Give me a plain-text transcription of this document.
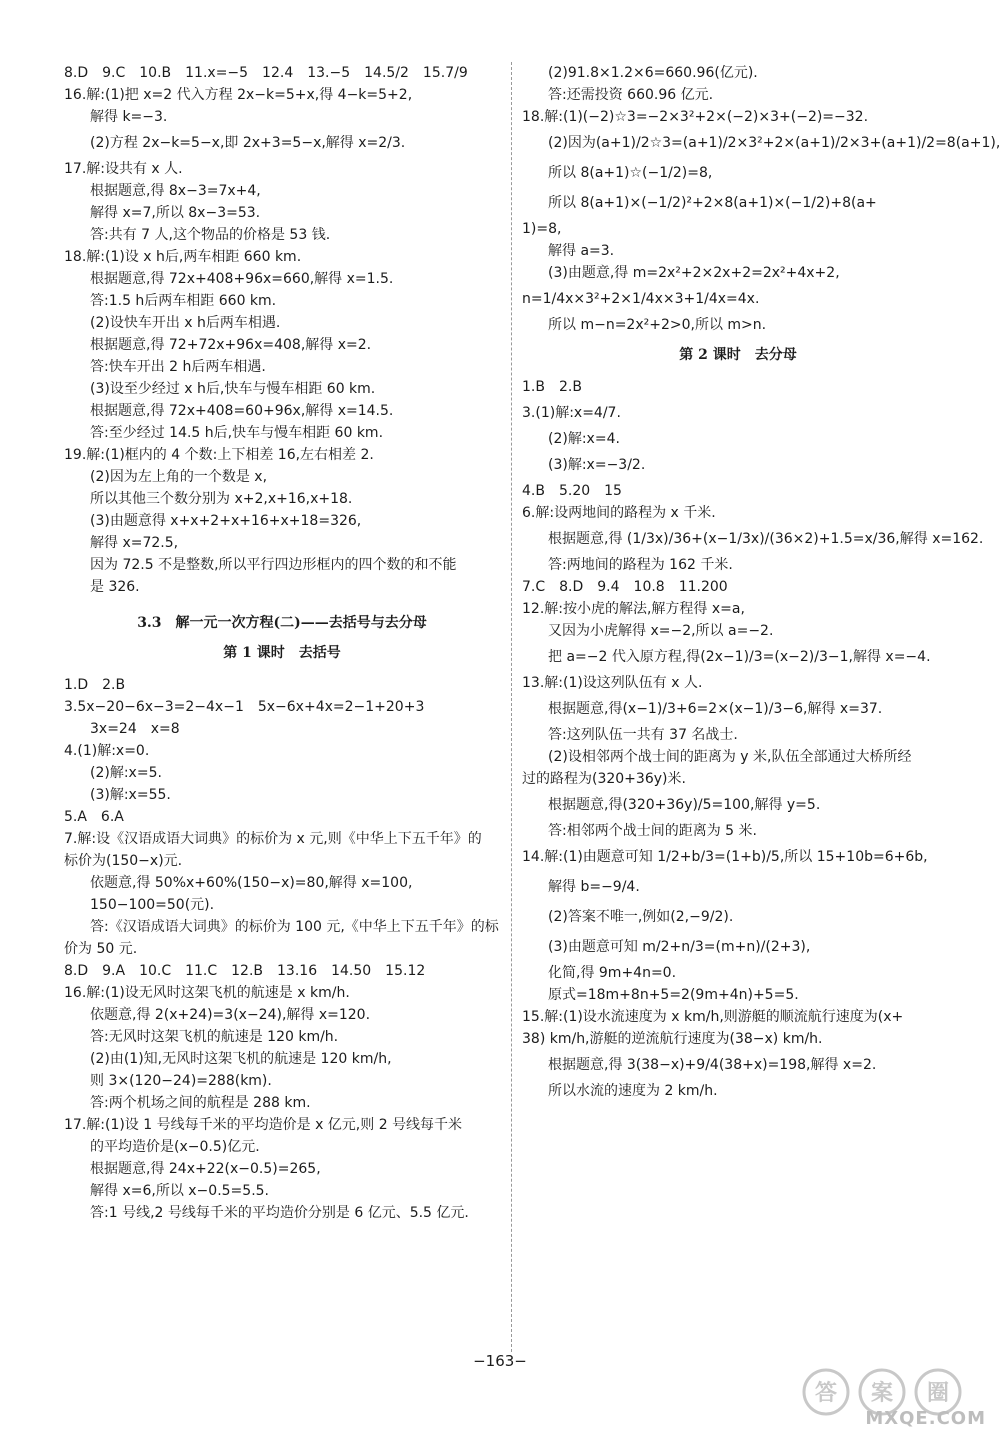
8.D　9.C　10.B　11.x=−5　12.4　13.−5　14.5/2　15.7/9
16.解:(1)把 x=2 代入方程 2x−k=5+x,得 4−k=5+2,
解得 k=−3.
(2)方程 2x−k=5−x,即 2x+3=5−x,解得 x=2/3.
17.解:设共有 x 人.
根据题意,得 8x−3=7x+4,
解得 x=7,所以 8x−3=53.
答:共有 7 人,这个物品的价格是 53 钱.
18.解:(1)设 x h后,两车相距 660 km.
根据题意,得 72x+408+96x=660,解得 x=1.5.
答:1.5 h后两车相距 660 km.
(2)设快车开出 x h后两车相遇.
根据题意,得 72+72x+96x=408,解得 x=2.
答:快车开出 2 h后两车相遇.
(3)设至少经过 x h后,快车与慢车相距 60 km.
根据题意,得 72x+408=60+96x,解得 x=14.5.
答:至少经过 14.5 h后,快车与慢车相距 60 km.
19.解:(1)框内的 4 个数:上下相差 16,左右相差 2.
(2)因为左上角的一个数是 x,
所以其他三个数分别为 x+2,x+16,x+18.
(3)由题意得 x+x+2+x+16+x+18=326,
解得 x=72.5,
因为 72.5 不是整数,所以平行四边形框内的四个数的和不能
是 326.
3.3　解一元一次方程(二)——去括号与去分母
第 1 课时　去括号
1.D　2.B
3.5x−20−6x−3=2−4x−1　5x−6x+4x=2−1+20+3
3x=24　x=8
4.(1)解:x=0.
(2)解:x=5.
(3)解:x=55.
5.A　6.A
7.解:设《汉语成语大词典》的标价为 x 元,则《中华上下五千年》的
标价为(150−x)元.
依题意,得 50%x+60%(150−x)=80,解得 x=100,
150−100=50(元).
答:《汉语成语大词典》的标价为 100 元,《中华上下五千年》的标
价为 50 元.
8.D　9.A　10.C　11.C　12.B　13.16　14.50　15.12
16.解:(1)设无风时这架飞机的航速是 x km/h.
依题意,得 2(x+24)=3(x−24),解得 x=120.
答:无风时这架飞机的航速是 120 km/h.
(2)由(1)知,无风时这架飞机的航速是 120 km/h,
则 3×(120−24)=288(km).
答:两个机场之间的航程是 288 km.
17.解:(1)设 1 号线每千米的平均造价是 x 亿元,则 2 号线每千米
的平均造价是(x−0.5)亿元.
根据题意,得 24x+22(x−0.5)=265,
解得 x=6,所以 x−0.5=5.5.
答:1 号线,2 号线每千米的平均造价分别是 6 亿元、5.5 亿元.
(2)91.8×1.2×6=660.96(亿元).
答:还需投资 660.96 亿元.
18.解:(1)(−2)☆3=−2×3²+2×(−2)×3+(−2)=−32.
(2)因为(a+1)/2☆3=(a+1)/2×3²+2×(a+1)/2×3+(a+1)/2=8(a+1),
所以 8(a+1)☆(−1/2)=8,
所以 8(a+1)×(−1/2)²+2×8(a+1)×(−1/2)+8(a+
1)=8,
解得 a=3.
(3)由题意,得 m=2x²+2×2x+2=2x²+4x+2,
n=1/4x×3²+2×1/4x×3+1/4x=4x.
所以 m−n=2x²+2>0,所以 m>n.
第 2 课时　去分母
1.B　2.B
3.(1)解:x=4/7.
(2)解:x=4.
(3)解:x=−3/2.
4.B　5.20　15
6.解:设两地间的路程为 x 千米.
根据题意,得 (1/3x)/36+(x−1/3x)/(36×2)+1.5=x/36,解得 x=162.
答:两地间的路程为 162 千米.
7.C　8.D　9.4　10.8　11.200
12.解:按小虎的解法,解方程得 x=a,
又因为小虎解得 x=−2,所以 a=−2.
把 a=−2 代入原方程,得(2x−1)/3=(x−2)/3−1,解得 x=−4.
13.解:(1)设这列队伍有 x 人.
根据题意,得(x−1)/3+6=2×(x−1)/3−6,解得 x=37.
答:这列队伍一共有 37 名战士.
(2)设相邻两个战士间的距离为 y 米,队伍全部通过大桥所经
过的路程为(320+36y)米.
根据题意,得(320+36y)/5=100,解得 y=5.
答:相邻两个战士间的距离为 5 米.
14.解:(1)由题意可知 1/2+b/3=(1+b)/5,所以 15+10b=6+6b,
解得 b=−9/4.
(2)答案不唯一,例如(2,−9/2).
(3)由题意可知 m/2+n/3=(m+n)/(2+3),
化简,得 9m+4n=0.
原式=18m+8n+5=2(9m+4n)+5=5.
15.解:(1)设水流速度为 x km/h,则游艇的顺流航行速度为(x+
38) km/h,游艇的逆流航行速度为(38−x) km/h.
根据题意,得 3(38−x)+9/4(38+x)=198,解得 x=2.
所以水流的速度为 2 km/h.
−163−
答 案 圈
MXQE.COM
